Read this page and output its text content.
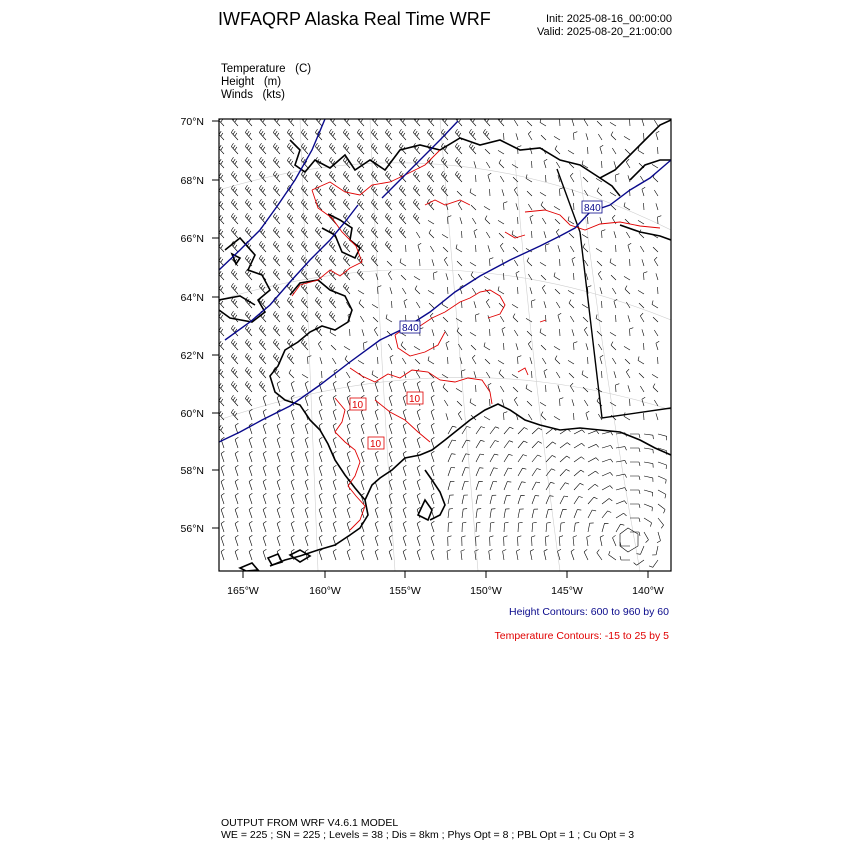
IWFAQRP Alaska Real Time WRF	Init: 2025-08-16_00:00:00
Valid: 2025-08-20_21:00:00
Temperature (C)
Height (m)
Winds (kts)
840
840
10
10
10
70°N
68°N
66°N
64°N
62°N
60°N
58°N
56°N
165°W	160°W	155°W	150°W	145°W	140°W
Height Contours: 600 to 960 by 60
Temperature Contours: -15 to 25 by 5
OUTPUT FROM WRF V4.6.1 MODEL
WE = 225 ; SN = 225 ; Levels = 38 ; Dis = 8km ; Phys Opt = 8 ; PBL Opt = 1 ; Cu Opt = 3
